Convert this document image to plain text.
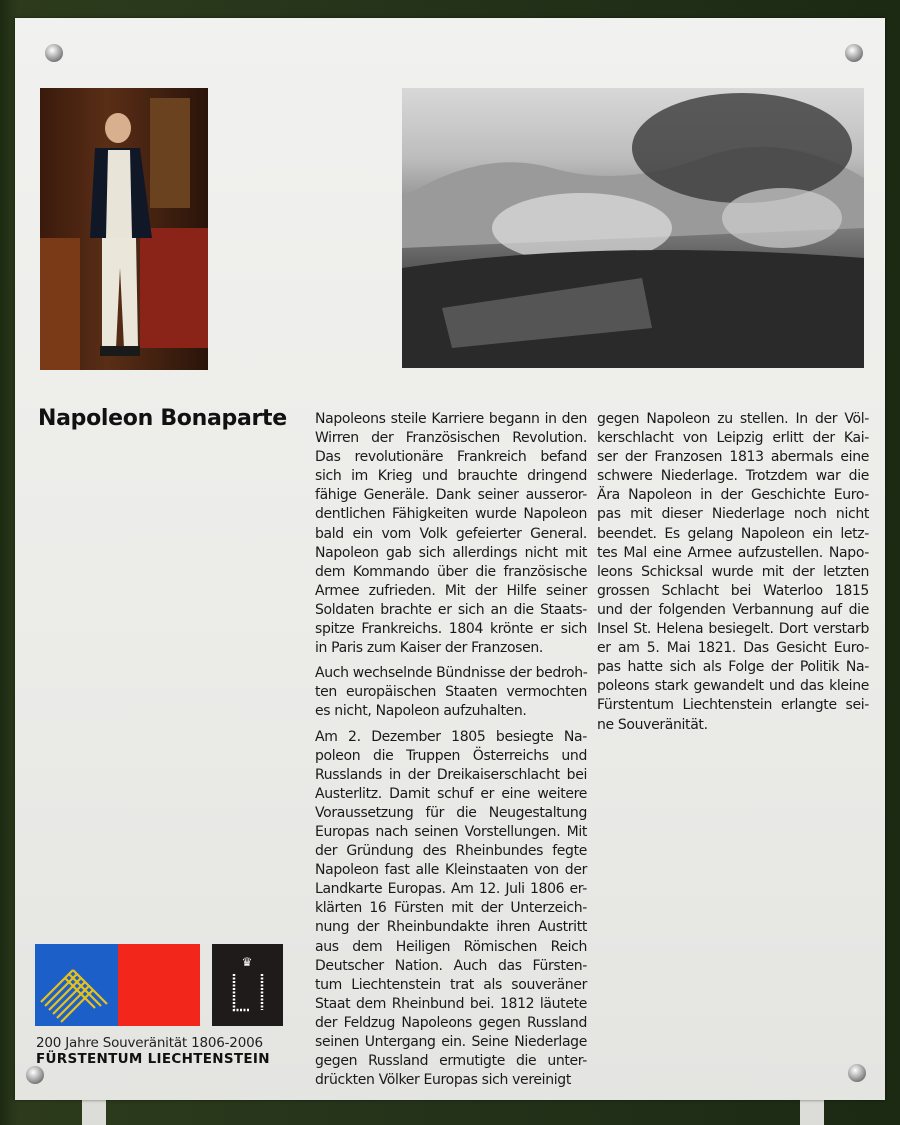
Napoleon Bonaparte Napoleons steile Karriere begann in den
Wirren der Französischen Revolution.
Das revolutionäre Frankreich befand
sich im Krieg und brauchte dringend
fähige Generäle. Dank seiner ausseror-
dentlichen Fähigkeiten wurde Napoleon
bald ein vom Volk gefeierter General.
Napoleon gab sich allerdings nicht mit
dem Kommando über die französische
Armee zufrieden. Mit der Hilfe seiner
Soldaten brachte er sich an die Staats-
spitze Frankreichs. 1804 krönte er sich
in Paris zum Kaiser der Franzosen.
Auch wechselnde Bündnisse der bedroh-
ten europäischen Staaten vermochten
es nicht, Napoleon aufzuhalten.
Am 2. Dezember 1805 besiegte Na-
poleon die Truppen Österreichs und
Russlands in der Dreikaiserschlacht bei
Austerlitz. Damit schuf er eine weitere
Voraussetzung für die Neugestaltung
Europas nach seinen Vorstellungen. Mit
der Gründung des Rheinbundes fegte
Napoleon fast alle Kleinstaaten von der
Landkarte Europas. Am 12. Juli 1806 er-
klärten 16 Fürsten mit der Unterzeich-
nung der Rheinbundakte ihren Austritt
aus dem Heiligen Römischen Reich
Deutscher Nation. Auch das Fürsten-
tum Liechtenstein trat als souveräner
Staat dem Rheinbund bei. 1812 läutete
der Feldzug Napoleons gegen Russland
seinen Untergang ein. Seine Niederlage
gegen Russland ermutigte die unter-
drückten Völker Europas sich vereinigt
gegen Napoleon zu stellen. In der Völ-
kerschlacht von Leipzig erlitt der Kai-
ser der Franzosen 1813 abermals eine
schwere Niederlage. Trotzdem war die
Ära Napoleon in der Geschichte Euro-
pas mit dieser Niederlage noch nicht
beendet. Es gelang Napoleon ein letz-
tes Mal eine Armee aufzustellen. Napo-
leons Schicksal wurde mit der letzten
grossen Schlacht bei Waterloo 1815
und der folgenden Verbannung auf die
Insel St. Helena besiegelt. Dort verstarb
er am 5. Mai 1821. Das Gesicht Euro-
pas hatte sich als Folge der Politik Na-
poleons stark gewandelt und das kleine
Fürstentum Liechtenstein erlangte sei-
ne Souveränität.
♛
200 Jahre Souveränität 1806-2006
FÜRSTENTUM LIECHTENSTEIN
